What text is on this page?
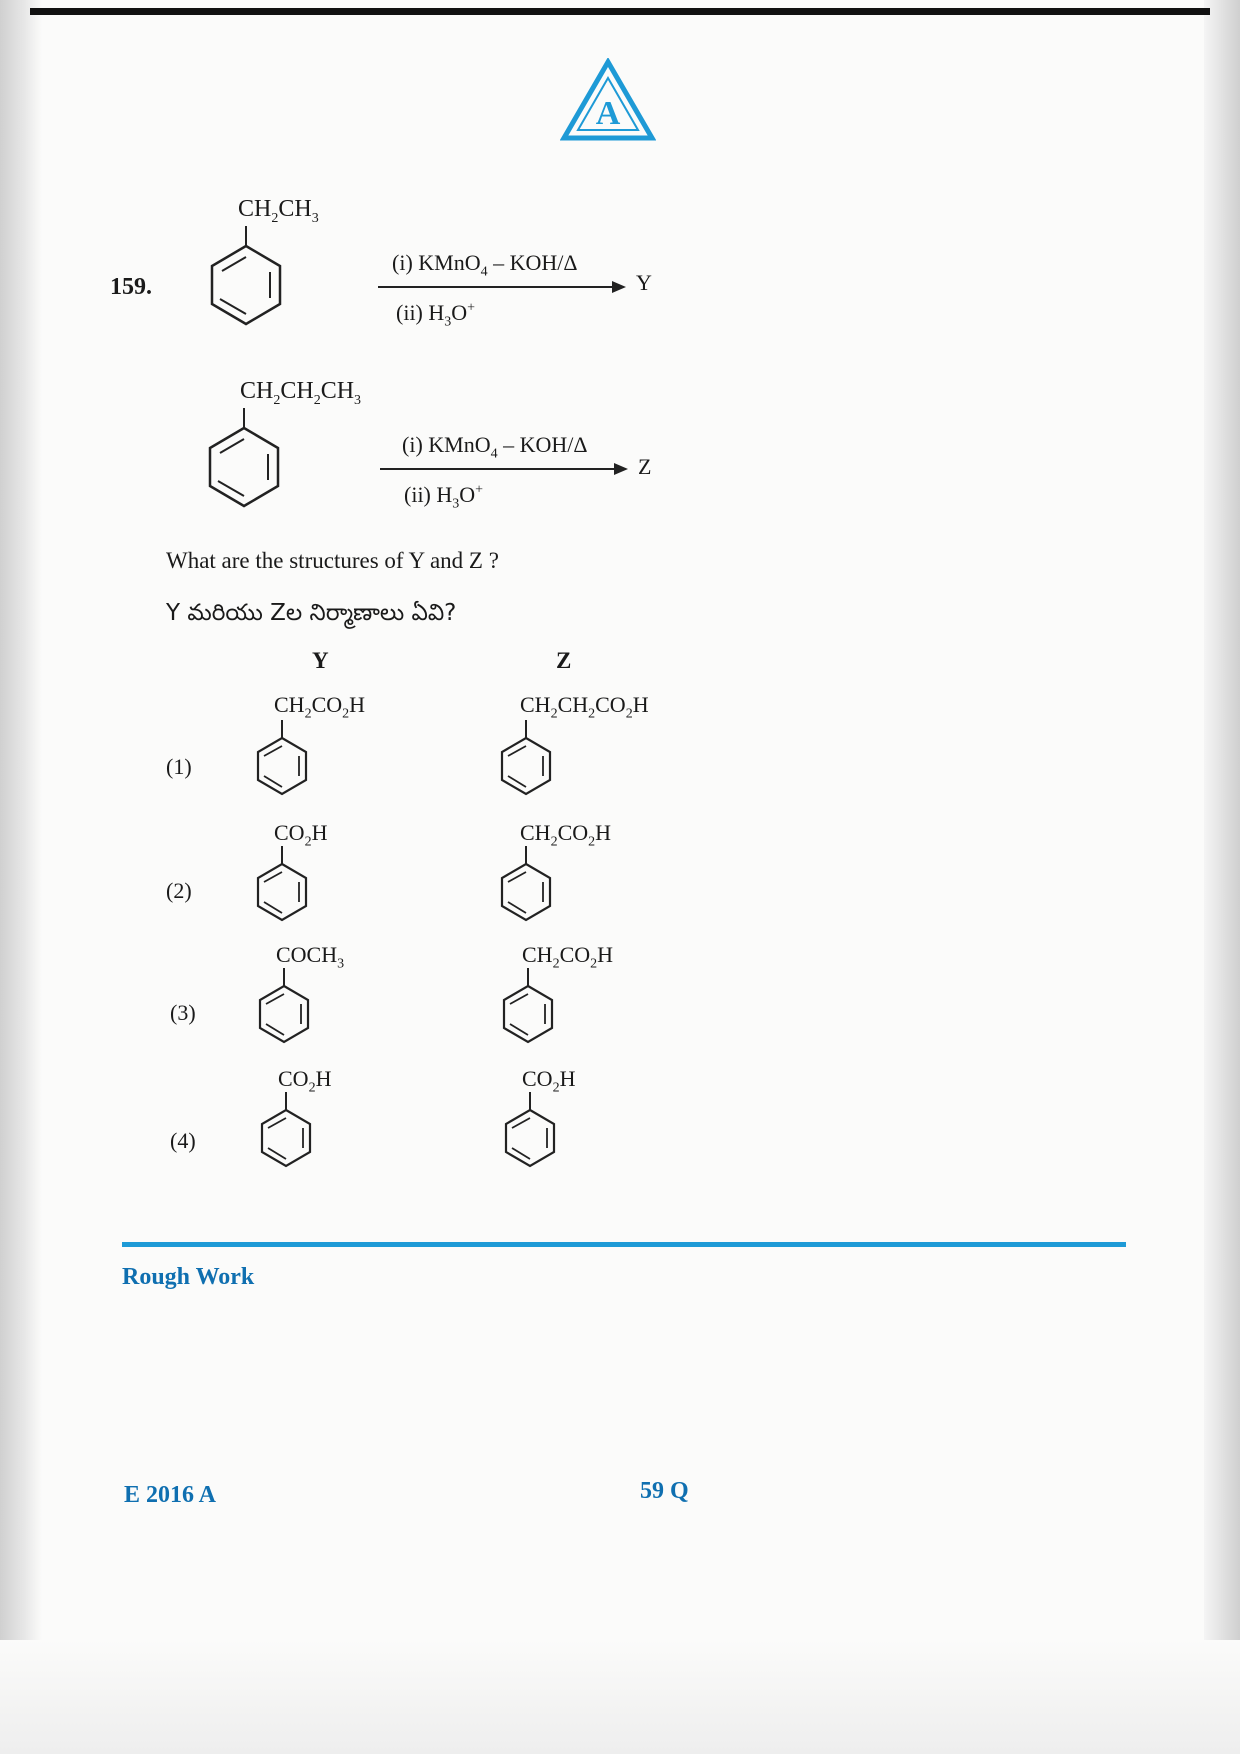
A
159.
$CH_2CH_3$
(i) KMnO$_4$ – KOH/Δ
Y
(ii) $H_3O^+$
$CH_2CH_2CH_3$
(i) KMnO$_4$ – KOH/Δ
Z
(ii) $H_3O^+$
What are the structures of Y and Z ?
Y మరియు Zల నిర్మాణాలు ఏవి?
Y	Z
(1)
$CH_2CO_2H$	$CH_2CH_2CO_2H$
(2)
$CO_2H$	$CH_2CO_2H$
(3)
$COCH_3$	$CH_2CO_2H$
(4)
$CO_2H$	$CO_2H$
Rough Work
E 2016 A	59 Q
